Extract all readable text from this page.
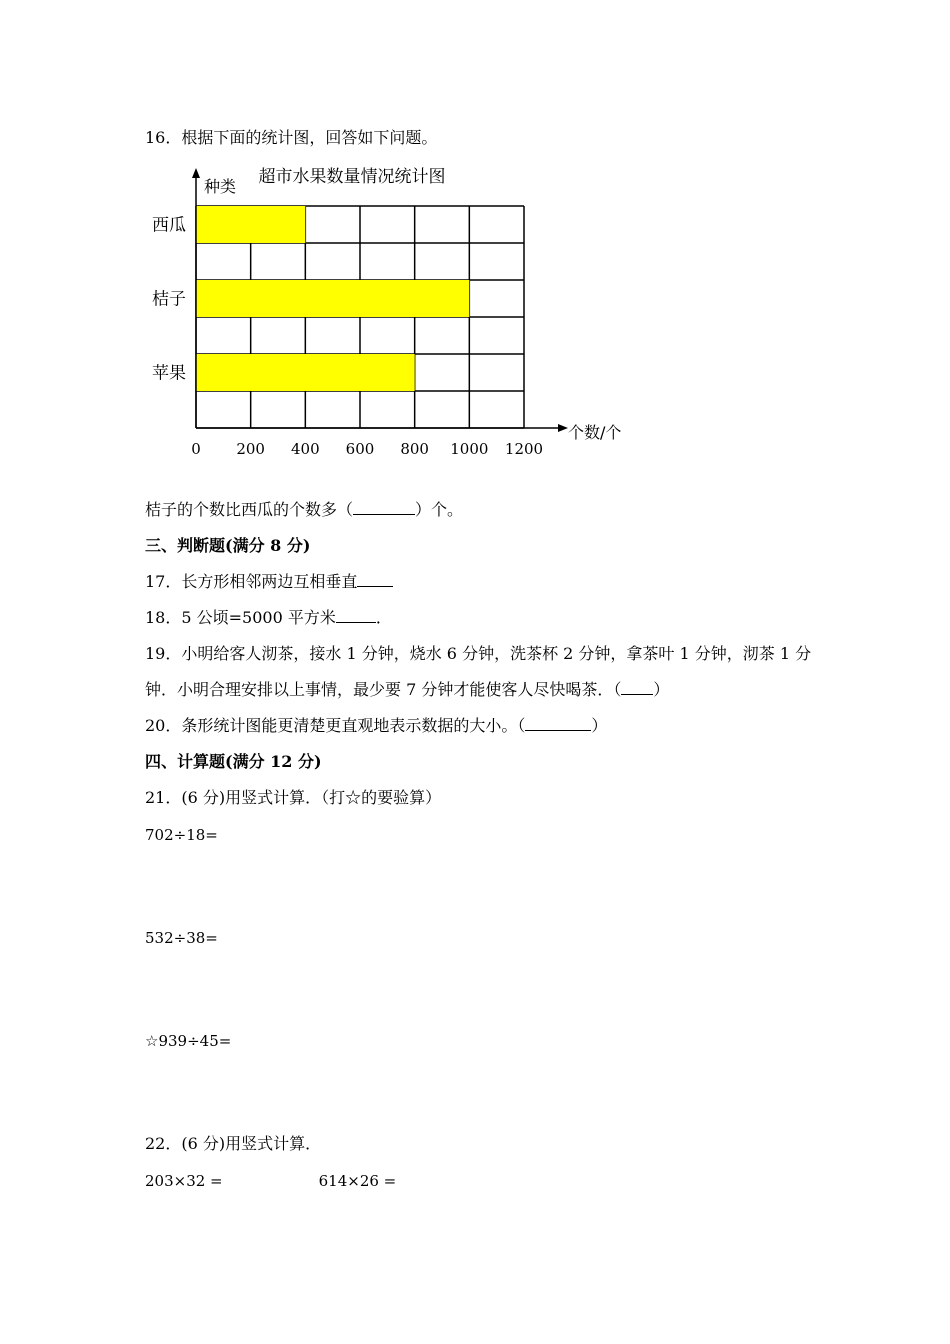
16．根据下面的统计图，回答如下问题。
西瓜
桔子
苹果
0 200 400 600 800 1000 1200
种类
个数/个
超市水果数量情况统计图
桔子的个数比西瓜的个数多（	）个。
三、判断题(满分 8 分)
17．长方形相邻两边互相垂直
18．5 公顷=5000 平方米	．
19．小明给客人沏茶，接水 1 分钟，烧水 6 分钟，洗茶杯 2 分钟，拿茶叶 1 分钟，沏茶 1 分
钟．小明合理安排以上事情，最少要 7 分钟才能使客人尽快喝茶．（ ）
20．条形统计图能更清楚更直观地表示数据的大小。（	）
四、计算题(满分 12 分)
21．(6 分)用竖式计算．（打☆的要验算）
702÷18=
532÷38=
☆939÷45=
22．(6 分)用竖式计算．
203×32 =	614×26 =
